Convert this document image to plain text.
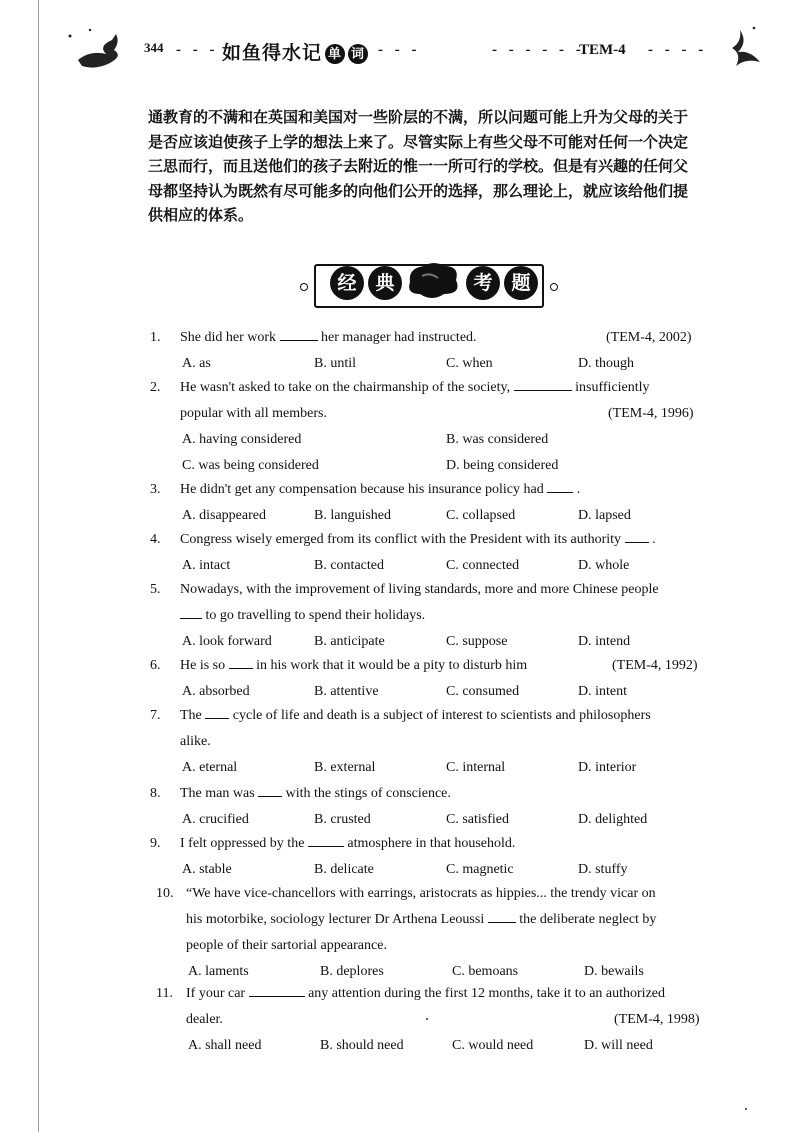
344 - - - 如鱼得水记 单 词 - - -	- - - - - -
TEM-4 - - - -
通教育的不满和在英国和美国对一些阶层的不满，所以问题可能上升为父母的关于
是否应该迫使孩子上学的想法上来了。尽管实际上有些父母不可能对任何一个决定
三思而行，而且送他们的孩子去附近的惟一一所可行的学校。但是有兴趣的任何父
母都坚持认为既然有尽可能多的向他们公开的选择，那么理论上，就应该给他们提
供相应的体系。
经 典	考 题
1.	She did her work	her manager had instructed.	(TEM-4, 2002)
A. as	B. until	C. when	D. though
2.	He wasn't asked to take on the chairmanship of the society,	insufficiently
popular with all members.	(TEM-4, 1996)
A. having considered	B. was considered
C. was being considered	D. being considered
3.	He didn't get any compensation because his insurance policy had  .
A. disappeared	B. languished	C. collapsed	D. lapsed
4.	Congress wisely emerged from its conflict with the President with its authority  .
A. intact	B. contacted	C. connected	D. whole
5.	Nowadays, with the improvement of living standards, more and more Chinese people
to go travelling to spend their holidays.
A. look forward	B. anticipate	C. suppose	D. intend
6.	He is so  in his work that it would be a pity to disturb him	(TEM-4, 1992)
A. absorbed	B. attentive	C. consumed	D. intent
7.	The  cycle of life and death is a subject of interest to scientists and philosophers
alike.
A. eternal	B. external	C. internal	D. interior
8.	The man was  with the stings of conscience.
A. crucified	B. crusted	C. satisfied	D. delighted
9.	I felt oppressed by the	atmosphere in that household.
A. stable	B. delicate	C. magnetic	D. stuffy
10. “We have vice-chancellors with earrings, aristocrats as hippies... the trendy vicar on
his motorbike, sociology lecturer Dr Arthena Leoussi  the deliberate neglect by
people of their sartorial appearance.
A. laments	B. deplores	C. bemoans	D. bewails
11. If your car	any attention during the first 12 months, take it to an authorized
dealer.	(TEM-4, 1998)
A. shall need	B. should need	C. would need	D. will need
